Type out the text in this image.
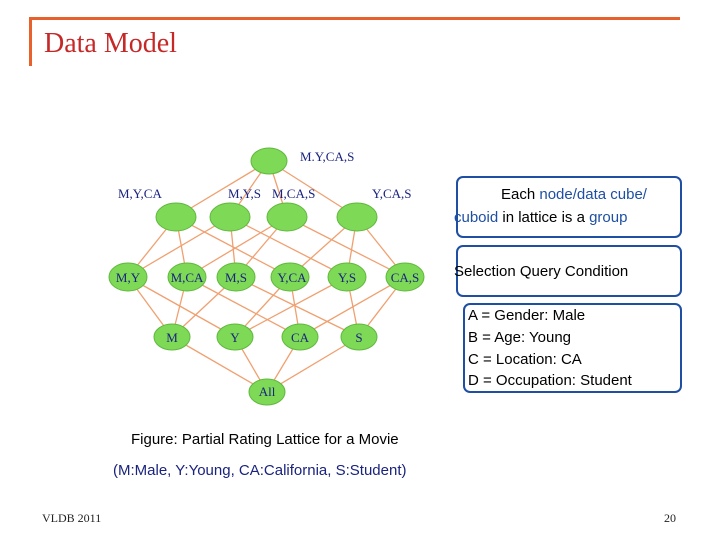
Data Model
M.Y,CA,S
M,Y,CA	M,Y,S M,CA,S	Y,CA,S
M,Y M,CA M,S Y,CA Y,S	CA,S
M	Y	CA	S
All
Each node/data cube/
cuboid in lattice is a group
Selection Query Condition
A = Gender: Male
B = Age: Young
C = Location: CA
D = Occupation: Student
Figure: Partial Rating Lattice for a Movie
(M:Male, Y:Young, CA:California, S:Student)
VLDB 2011	20
